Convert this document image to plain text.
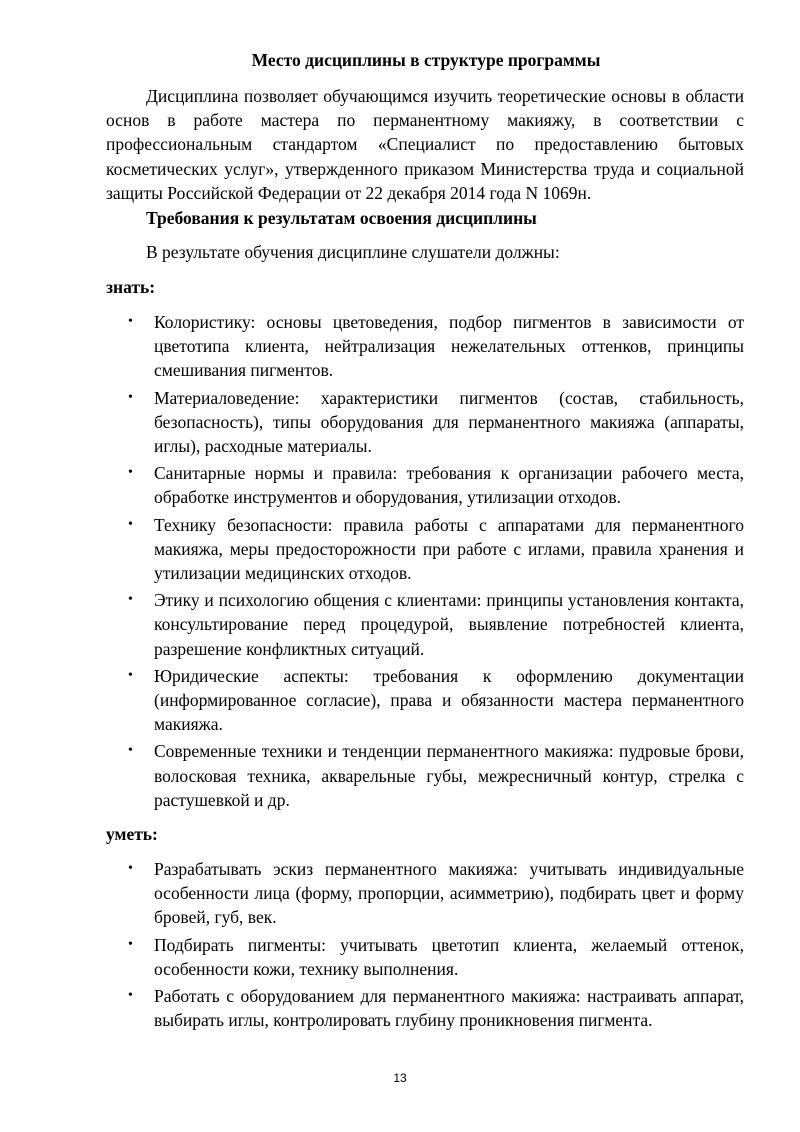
Место дисциплины в структуре программы

Дисциплина позволяет обучающимся изучить теоретические основы в области основ в работе мастера по перманентному макияжу, в соответствии с профессиональным стандартом «Специалист по предоставлению бытовых косметических услуг», утвержденного приказом Министерства труда и социальной защиты Российской Федерации от 22 декабря 2014 года N 1069н.

Требования к результатам освоения дисциплины

В результате обучения дисциплине слушатели должны:

знать:

• Колористику: основы цветоведения, подбор пигментов в зависимости от цветотипа клиента, нейтрализация нежелательных оттенков, принципы смешивания пигментов.
• Материаловедение: характеристики пигментов (состав, стабильность, безопасность), типы оборудования для перманентного макияжа (аппараты, иглы), расходные материалы.
• Санитарные нормы и правила: требования к организации рабочего места, обработке инструментов и оборудования, утилизации отходов.
• Технику безопасности: правила работы с аппаратами для перманентного макияжа, меры предосторожности при работе с иглами, правила хранения и утилизации медицинских отходов.
• Этику и психологию общения с клиентами: принципы установления контакта, консультирование перед процедурой, выявление потребностей клиента, разрешение конфликтных ситуаций.
• Юридические аспекты: требования к оформлению документации (информированное согласие), права и обязанности мастера перманентного макияжа.
• Современные техники и тенденции перманентного макияжа: пудровые брови, волосковая техника, акварельные губы, межресничный контур, стрелка с растушевкой и др.

уметь:

• Разрабатывать эскиз перманентного макияжа: учитывать индивидуальные особенности лица (форму, пропорции, асимметрию), подбирать цвет и форму бровей, губ, век.
• Подбирать пигменты: учитывать цветотип клиента, желаемый оттенок, особенности кожи, технику выполнения.
• Работать с оборудованием для перманентного макияжа: настраивать аппарат, выбирать иглы, контролировать глубину проникновения пигмента.
13
